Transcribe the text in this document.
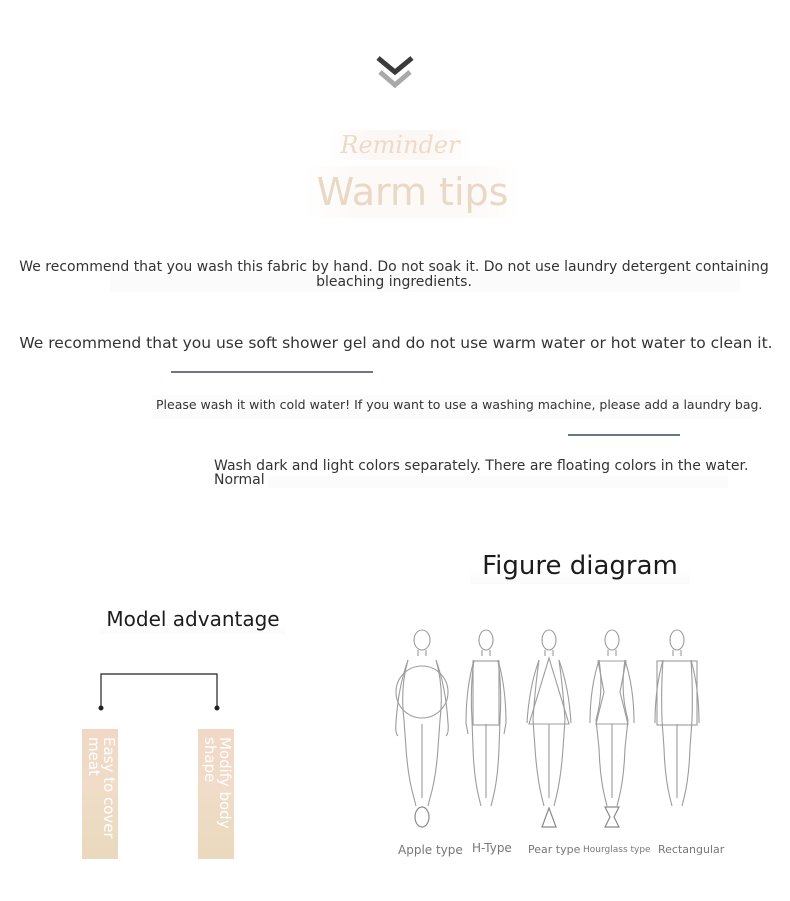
Reminder
Warm tips
We recommend that you wash this fabric by hand. Do not soak it. Do not use laundry detergent containing bleaching ingredients.
We recommend that you use soft shower gel and do not use warm water or hot water to clean it.
Please wash it with cold water! If you want to use a washing machine, please add a laundry bag.
Wash dark and light colors separately. There are floating colors in the water. Normal
Figure diagram
Model advantage
Easy to cover meat	Modify body shape
Apple type H-Type Pear type Hourglass type Rectangular
